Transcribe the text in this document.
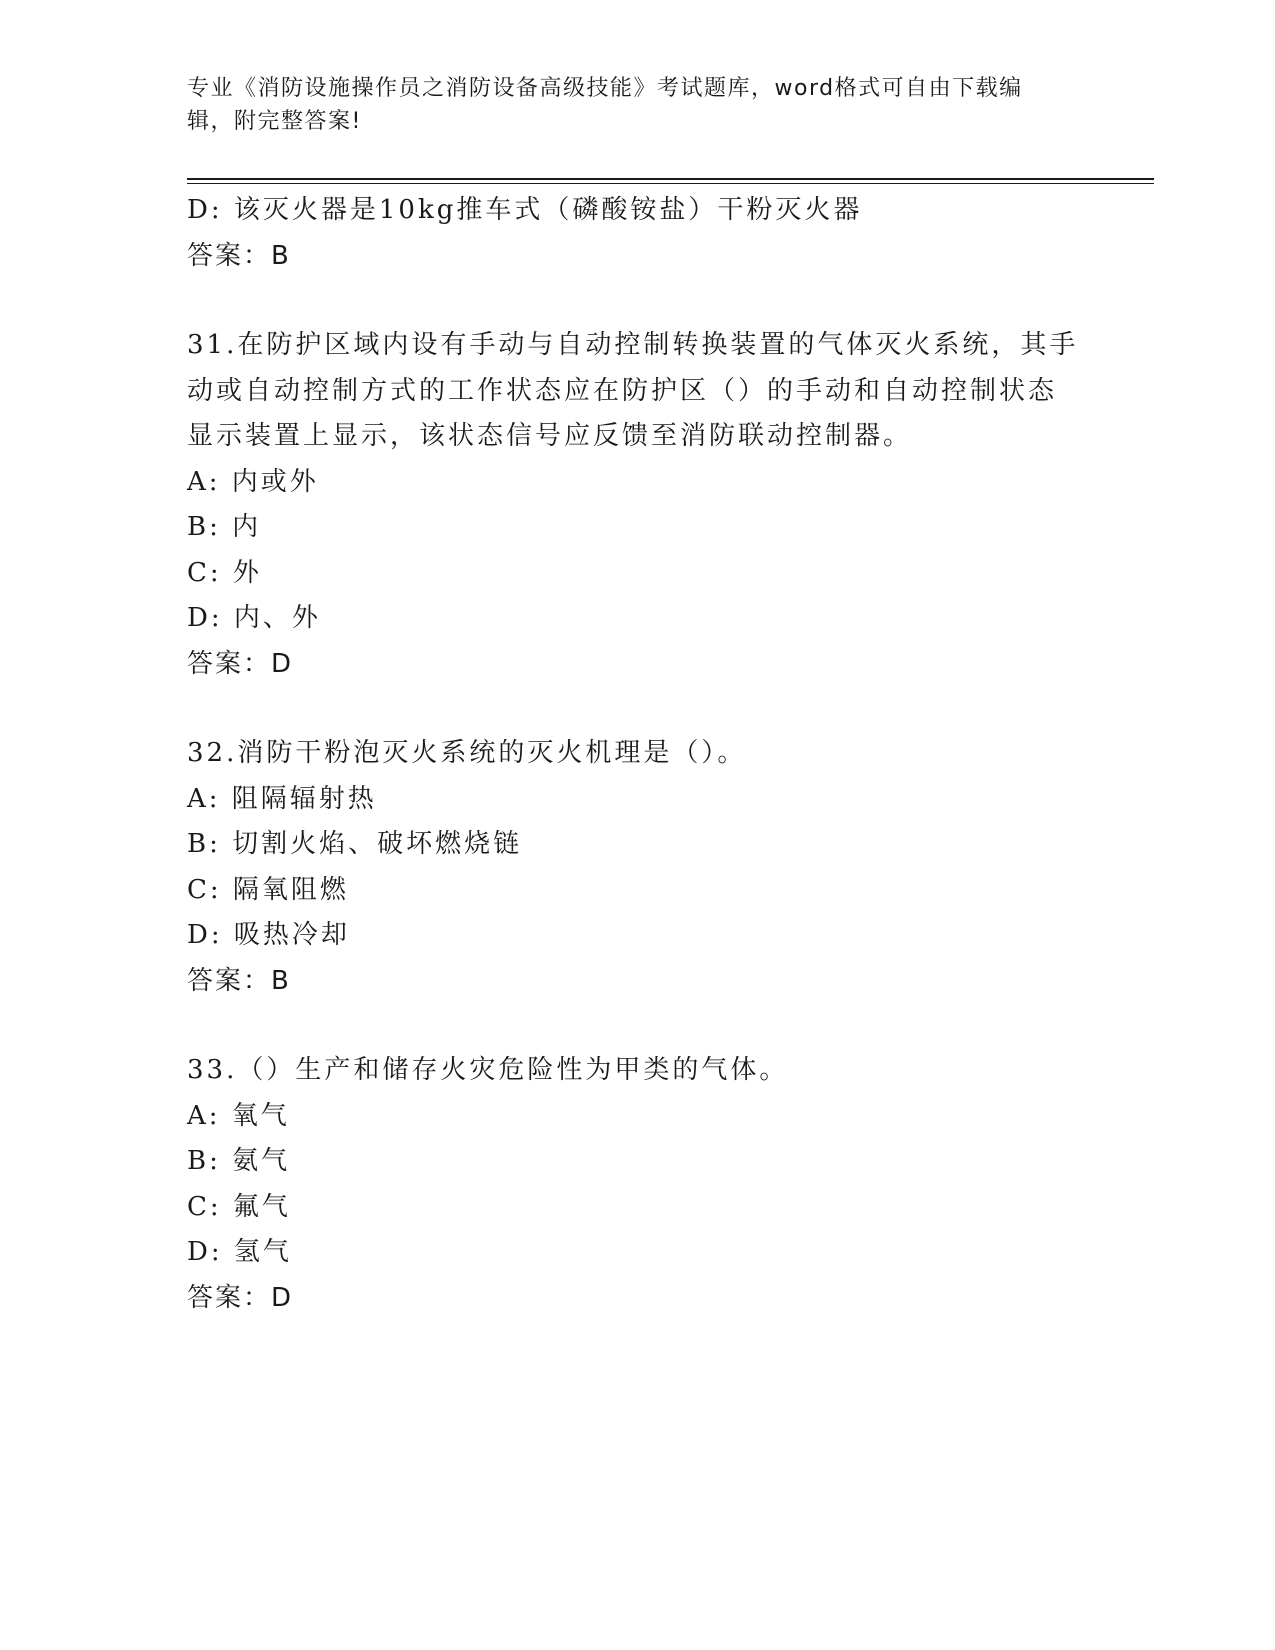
专业《消防设施操作员之消防设备高级技能》考试题库，word格式可自由下载编
辑，附完整答案!
D: 该灭火器是10kg推车式（磷酸铵盐）干粉灭火器
答案：B
31.在防护区域内设有手动与自动控制转换装置的气体灭火系统，其手
动或自动控制方式的工作状态应在防护区（）的手动和自动控制状态
显示装置上显示，该状态信号应反馈至消防联动控制器。
A: 内或外
B: 内
C: 外
D: 内、外
答案：D
32.消防干粉泡灭火系统的灭火机理是（）。
A: 阻隔辐射热
B: 切割火焰、破坏燃烧链
C: 隔氧阻燃
D: 吸热冷却
答案：B
33.（）生产和储存火灾危险性为甲类的气体。
A: 氧气
B: 氨气
C: 氟气
D: 氢气
答案：D
